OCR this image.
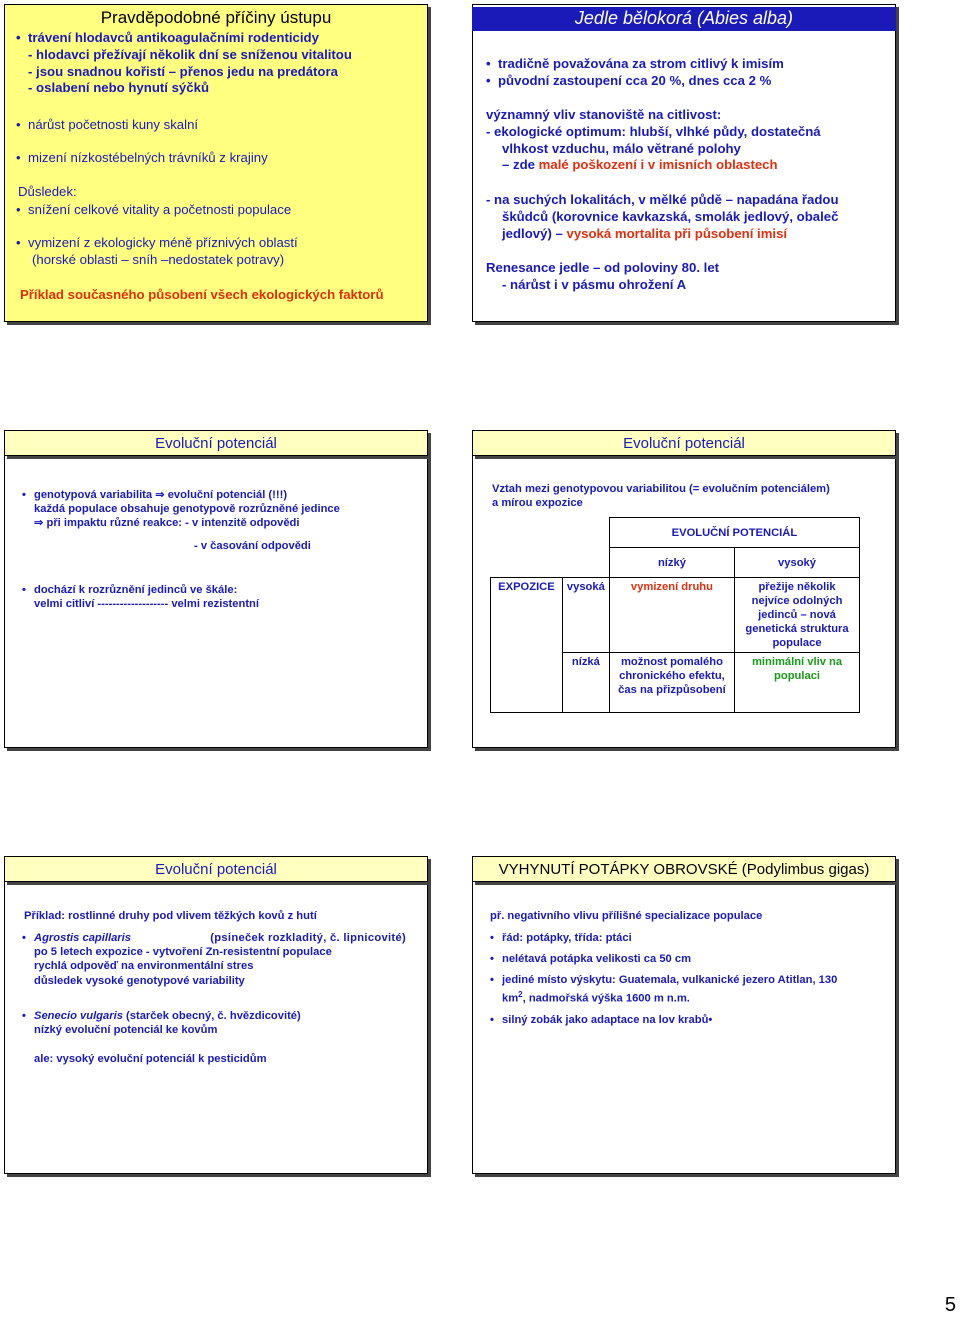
Pravděpodobné příčiny ústupu
• trávení hlodavců antikoagulačními rodenticidy
- hlodavci přežívají několik dní se sníženou vitalitou
- jsou snadnou kořistí – přenos jedu na predátora
- oslabení nebo hynutí sýčků
• nárůst početnosti kuny skalní
• mizení nízkostébelných trávníků z krajiny
Důsledek:
• snížení celkové vitality a početnosti populace
• vymizení z ekologicky méně příznivých oblastí
(horské oblasti – sníh –nedostatek potravy)
Příklad současného působení všech ekologických faktorů
Jedle bělokorá (Abies alba)
• tradičně považována za strom citlivý k imisím
• původní zastoupení cca 20 %, dnes cca 2 %
významný vliv stanoviště na citlivost:
- ekologické optimum: hlubší, vlhké půdy, dostatečná
vlhkost vzduchu, málo větrané polohy
– zde malé poškození i v imisních oblastech
- na suchých lokalitách, v mělké půdě – napadána řadou
škůdců (korovnice kavkazská, smolák jedlový, obaleč
jedlový) – vysoká mortalita při působení imisí
Renesance jedle – od poloviny 80. let
- nárůst i v pásmu ohrožení A
Evoluční potenciál
• genotypová variabilita ⇒ evoluční potenciál (!!!)
každá populace obsahuje genotypově rozrůzněné jedince
⇒ při impaktu různé reakce: - v intenzitě odpovědi
- v časování odpovědi
• dochází k rozrůznění jedinců ve škále:
velmi citliví ------------------- velmi rezistentní
Evoluční potenciál
Vztah mezi genotypovou variabilitou (= evolučním potenciálem)
a mírou expozice
		EVOLUČNÍ POTENCIÁL	
		nízký	vysoký
EXPOZICE	vysoká	vymizení druhu	přežije několik nejvíce odolných jedinců – nová genetická struktura populace
	nízká	možnost pomalého chronického efektu, čas na přizpůsobení	minimální vliv na populaci
Evoluční potenciál
Příklad: rostlinné druhy pod vlivem těžkých kovů z hutí
• Agrostis capillaris	(psineček rozkladitý, č. lipnicovité)
po 5 letech expozice - vytvoření Zn-resistentní populace
rychlá odpověď na environmentální stres
důsledek vysoké genotypové variability
• Senecio vulgaris (starček obecný, č. hvězdicovité)
nízký evoluční potenciál ke kovům
ale: vysoký evoluční potenciál k pesticidům
VYHYNUTÍ POTÁPKY OBROVSKÉ (Podylimbus gigas)
př. negativního vlivu přílišné specializace populace
• řád: potápky, třída: ptáci
• nelétavá potápka velikosti ca 50 cm
• jediné místo výskytu: Guatemala, vulkanické jezero Atitlan, 130
$km^2$, nadmořská výška 1600 m n.m.
• silný zobák jako adaptace na lov krabů•
5
